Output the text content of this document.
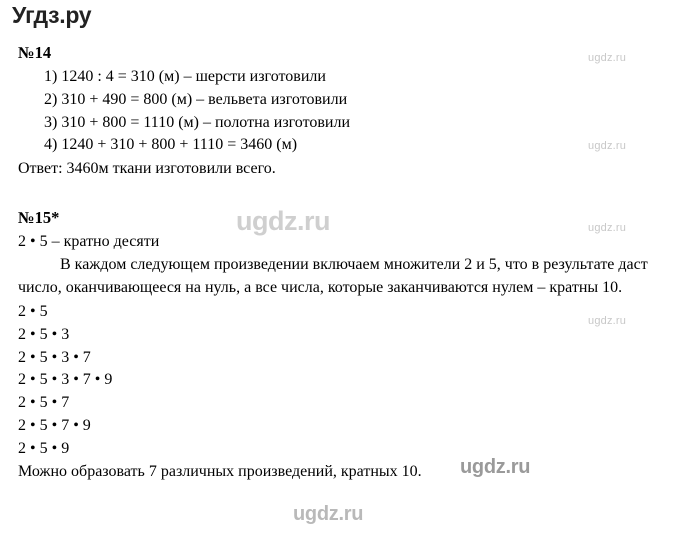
Угдз.ру
№14
1) 1240 : 4 = 310 (м) – шерсти изготовили
2) 310 + 490 = 800 (м) – вельвета изготовили
3) 310 + 800 = 1110 (м) – полотна изготовили
4) 1240 + 310 + 800 + 1110 = 3460 (м)
Ответ: 3460м ткани изготовили всего.
№15*
2 • 5 – кратно десяти
В каждом следующем произведении включаем множители 2 и 5, что в результате даст число, оканчивающееся на нуль, а все числа, которые заканчиваются нулем – кратны 10.
2 • 5
2 • 5 • 3
2 • 5 • 3 • 7
2 • 5 • 3 • 7 • 9
2 • 5 • 7
2 • 5 • 7 • 9
2 • 5 • 9
Можно образовать 7 различных произведений, кратных 10.
ugdz.ru
ugdz.ru
ugdz.ru
ugdz.ru
ugdz.ru
ugdz.ru
ugdz.ru
